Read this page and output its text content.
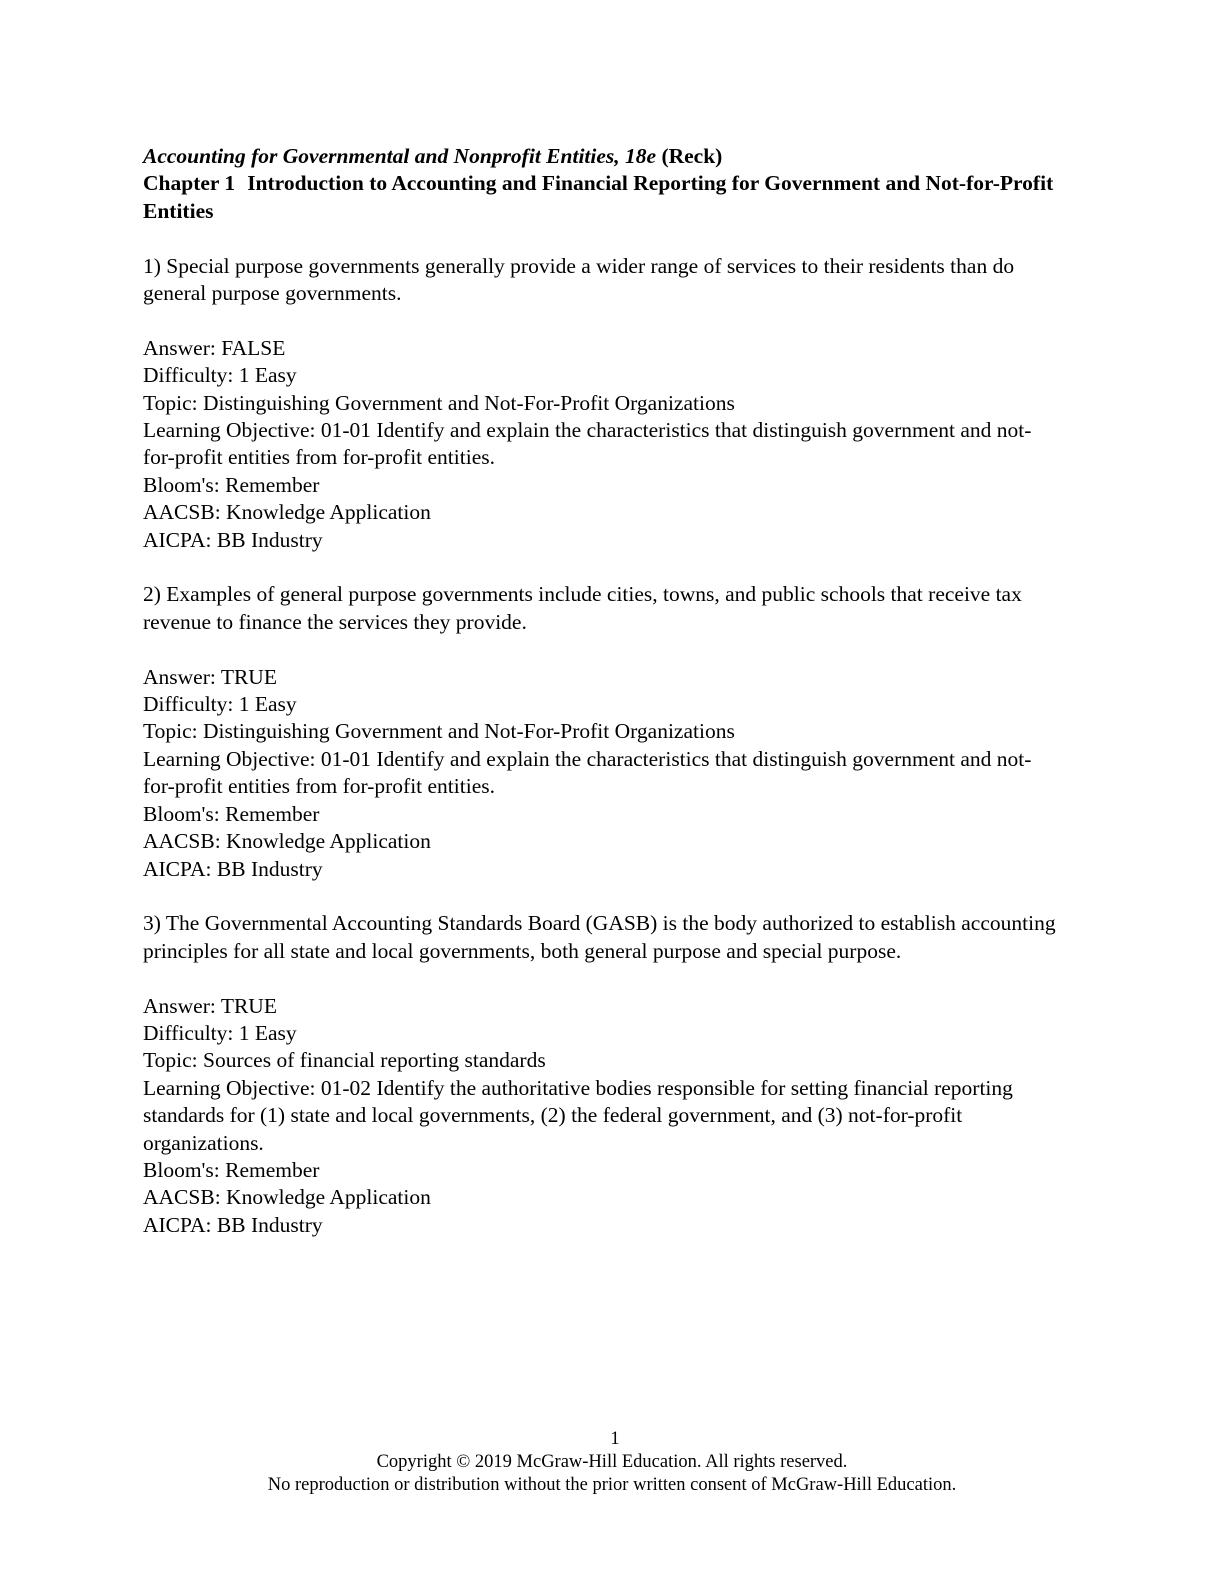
Accounting for Governmental and Nonprofit Entities, 18e (Reck)

Chapter 1 Introduction to Accounting and Financial Reporting for Government and Not-for-Profit Entities

1) Special purpose governments generally provide a wider range of services to their residents than do general purpose governments.

Answer: FALSE

Difficulty: 1 Easy

Topic: Distinguishing Government and Not-For-Profit Organizations

Learning Objective: 01-01 Identify and explain the characteristics that distinguish government and not-for-profit entities from for-profit entities.

Bloom's: Remember

AACSB: Knowledge Application

AICPA: BB Industry

2) Examples of general purpose governments include cities, towns, and public schools that receive tax revenue to finance the services they provide.

Answer: TRUE

Difficulty: 1 Easy

Topic: Distinguishing Government and Not-For-Profit Organizations

Learning Objective: 01-01 Identify and explain the characteristics that distinguish government and not-for-profit entities from for-profit entities.

Bloom's: Remember

AACSB: Knowledge Application

AICPA: BB Industry

3) The Governmental Accounting Standards Board (GASB) is the body authorized to establish accounting principles for all state and local governments, both general purpose and special purpose.

Answer: TRUE

Difficulty: 1 Easy

Topic: Sources of financial reporting standards

Learning Objective: 01-02 Identify the authoritative bodies responsible for setting financial reporting standards for (1) state and local governments, (2) the federal government, and (3) not-for-profit organizations.

Bloom's: Remember

AACSB: Knowledge Application

AICPA: BB Industry

1
Copyright © 2019 McGraw-Hill Education. All rights reserved.
No reproduction or distribution without the prior written consent of McGraw-Hill Education.
